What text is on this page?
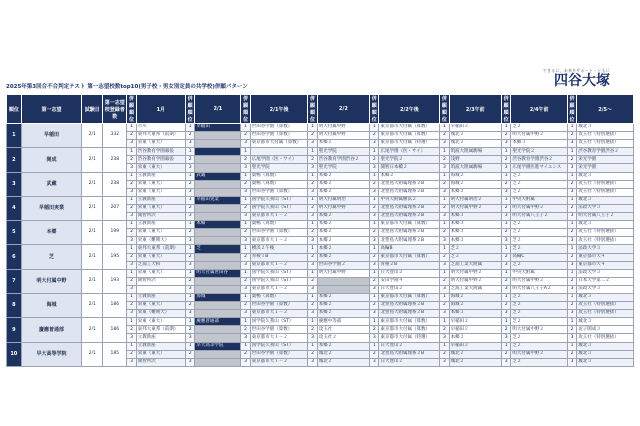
できるに、未来をサポート・ともに
四谷大塚
2025年第3回合不合判定テスト 第一志望校数top10(男子校・男女別定員の共学校)併願パターン
順位	第一志望	試験日	第一志望校登録者数	併願順位	1月	併願順位	2/1	併願順位	2/1午後	併願順位	2/2	併願順位	2/2午後	併願順位	2/3午前	併願順位	2/4午前	併願順位	2/5～
1	早稲田	2/1	332	1	市川	1	早稲田	1	世田谷学園（算数）	1	明大付属中野	1	東京都市大付属（算数）	1	早稲田２	1	芝２	1	城北３
				2	東邦大東邦（前期）	2		2	世田谷学園（算数）	2	明大付属中野	2	東京都市大付属（算数）	2	城北２	2	明大付属中野２	2	攻玉社（特別選抜）
				3	栄東（東大）	3		3	東京都市大付属（算数）	3	本郷２	3	東京都市大付属（特選）	3	城北２	3	本郷３	3	攻玉社（特別選抜）
2	開成	2/1	238	1	渋谷教育学園幕張	1		1		1	聖光学院	1	広尾学園（医・サイ）	1	筑波大附属駒場	1	聖光学院２	1	渋谷教育学園渋谷２
				2	渋谷教育学園幕張	2		2	広尾学園（医・サイ）	2	渋谷教育学園渋谷２	2	聖光学院２	2	浅野	2	渋谷教育学園渋谷２	2	栄光学園
				3	栄東（東大）	3		3	聖光学院	3	聖光学院	3	開智日本橋２	3	筑波大附属駒場	3	広尾学園医進サイエンス	3	栄光学園
3	武蔵	2/1	238	1	立教新座	1	武蔵	1	巣鴨（算数）	1	本郷２	1	本郷２	1	海城２	1	芝２	1	城北３
				2	栄東（東大）	2		2	巣鴨（算数）	2	本郷２	2	北豊島大附属理系２B	2	海城２	2	芝２	2	攻玉社（特別選抜）
				3	栄東（東大）	3		3	世田谷学園（算数）	3	本郷２	3	北豊島大附属理系２B	3	本郷３	3	芝２	3	攻玉社（特別選抜）
4	早稲田実業	2/1	207	1	立教新座	1	早稲田実業	1	国学院久我山（ST）	1	明大付属明治	1	中央大附属横浜２	1	明大付属明治２	1	中央大附属	1	城北３
				2	栄東（東大）	2		2	国学院久我山（ST）	2	明大付属中野	2	北豊島大附属理系２B	2	明大付属中野２	2	明大付属中野２	2	法政大学３
				3	開智所沢	3		3	東京都市大１－２	3	本郷２	3	北豊島大附属理系２B	3	本郷３	3	明大付属八王子２	3	明大付属八王子２
5	本郷	2/1	199	1	立教新座	1	本郷	1	巣鴨（算数）	1	本郷２	1	東京都市大付属（算数）	1	本郷３	1	芝２	1	城北３
				2	栄東（東大）	2		2	世田谷学園（算数）	2	本郷２	2	北豊島大附属理系２B	2	本郷３	2	芝２	2	攻玉社（特別選抜）
				3	栄東（難関大）	3		3	東京都市大１－２	3	本郷２	3	北豊島大附属理系２B	3	本郷３	3	芝２	3	攻玉社（特別選抜）
6	芝	2/1	195	1	東邦大東邦（前期）	1	芝	1	横浜２午後	1	本郷２	1	高輪B	1	芝２	1	芝２	1	法政大学３
				2	栄東（東大）	2		2	青稜１B	2	本郷２	2	東京都市大付属（算数）	2	芝２	2	高輪C	2	東京都市大４
				3	芝浦工大柏	3		3	東京都市大１－２	3	世田谷学園２	3	青稜２B	3	芝浦工業大附属	3	芝２	3	東京都市大４
7	明大付属中野	2/1	193	1	栄東（東大）	1	明大付属世田谷	1	国学院久我山（ST）	1	明大付属中野	1	日大豊山２	1	明大付属中野２	1	中央大附属	1	法政大学３
				2	開智所沢	2		2	国学院久我山（ST）	2		2	安田学園４	2	明大付属中野２	2	明大付属中野２	2	日本大学第二２
				3		3		3	東京都市大１－２	3		3	日大豊山２	3	芝浦工業大附属	3	明大付属八王子A２	3	法政大学３
8	海城	2/1	186	1	立教新座	1	海城	1	巣鴨（算数）	1	本郷２	1	東京都市大付属（算数）	1	海城２	1	芝２	1	城北３
				2	栄東（東大）	2		2	世田谷学園（算数）	2	本郷２	2	北豊島大附属理系２B	2	海城２	2	芝２	2	攻玉社（特別選抜）
				3	栄東（難関大）	3		3	東京都市大１－２	3	本郷２	3	北豊島大附属理系２B	3	本郷３	3	芝２	3	攻玉社（特別選抜）
9	慶應普通部	2/1	186	1	栄東（東大）	1	慶應普通部	1	国学院久我山（ST）	1	慶應中等部	1	東京都市大付属（算数）	1	早稲田２	1	芝２	1	城北３
				2	東邦大東邦（前期）	2		2	世田谷学園（算数）	2	攻玉社	2	東京都市大付属（算数）	2	早稲田２	2	明大付属中野２	2	逗子開成３
				3	立教新座	3		3	東京都市大１－２	3	攻玉社２	3	東京都市大付属（特選）	3	本郷３	3	芝２	3	攻玉社（特別選抜）
10	早大高等学院	2/1	185	1	立教新座	1	早大高等学院	1	国学院久我山（ST）	1	本郷２	1	日大豊山２	1	早稲田２	1	芝２	1	城北３
				2	栄東（東大）	2		2	世田谷学園（算数）	2	城北２	2	北豊島大附属理系２B	2	城北２	2	明大付属中野２	2	城北３
				3	開智所沢	3		3	東京都市大１－２	3	城北２	3	日大豊山２	3	城北２	3	芝２	3	城北３
